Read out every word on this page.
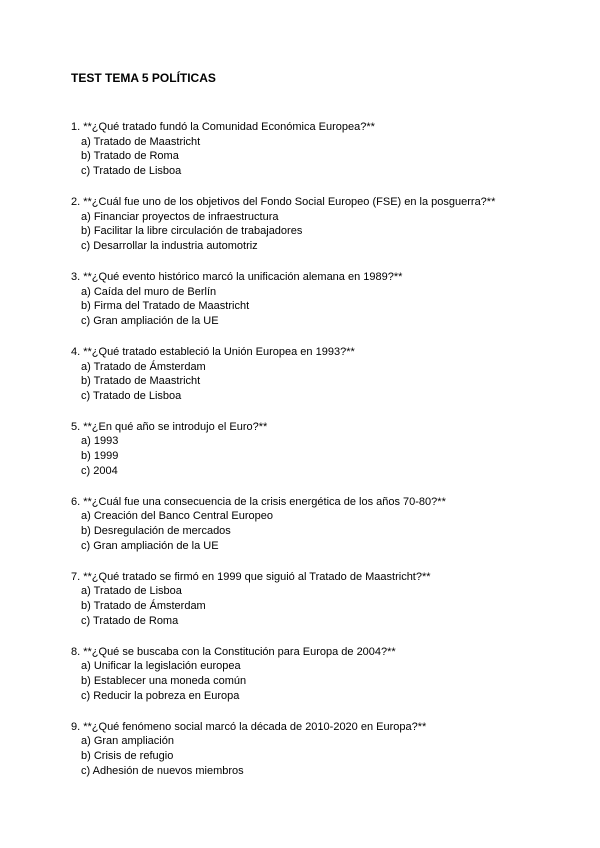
TEST TEMA 5 POLÍTICAS
1. **¿Qué tratado fundó la Comunidad Económica Europea?**
a) Tratado de Maastricht
b) Tratado de Roma
c) Tratado de Lisboa
2. **¿Cuál fue uno de los objetivos del Fondo Social Europeo (FSE) en la posguerra?**
a) Financiar proyectos de infraestructura
b) Facilitar la libre circulación de trabajadores
c) Desarrollar la industria automotriz
3. **¿Qué evento histórico marcó la unificación alemana en 1989?**
a) Caída del muro de Berlín
b) Firma del Tratado de Maastricht
c) Gran ampliación de la UE
4. **¿Qué tratado estableció la Unión Europea en 1993?**
a) Tratado de Ámsterdam
b) Tratado de Maastricht
c) Tratado de Lisboa
5. **¿En qué año se introdujo el Euro?**
a) 1993
b) 1999
c) 2004
6. **¿Cuál fue una consecuencia de la crisis energética de los años 70-80?**
a) Creación del Banco Central Europeo
b) Desregulación de mercados
c) Gran ampliación de la UE
7. **¿Qué tratado se firmó en 1999 que siguió al Tratado de Maastricht?**
a) Tratado de Lisboa
b) Tratado de Ámsterdam
c) Tratado de Roma
8. **¿Qué se buscaba con la Constitución para Europa de 2004?**
a) Unificar la legislación europea
b) Establecer una moneda común
c) Reducir la pobreza en Europa
9. **¿Qué fenómeno social marcó la década de 2010-2020 en Europa?**
a) Gran ampliación
b) Crisis de refugio
c) Adhesión de nuevos miembros
